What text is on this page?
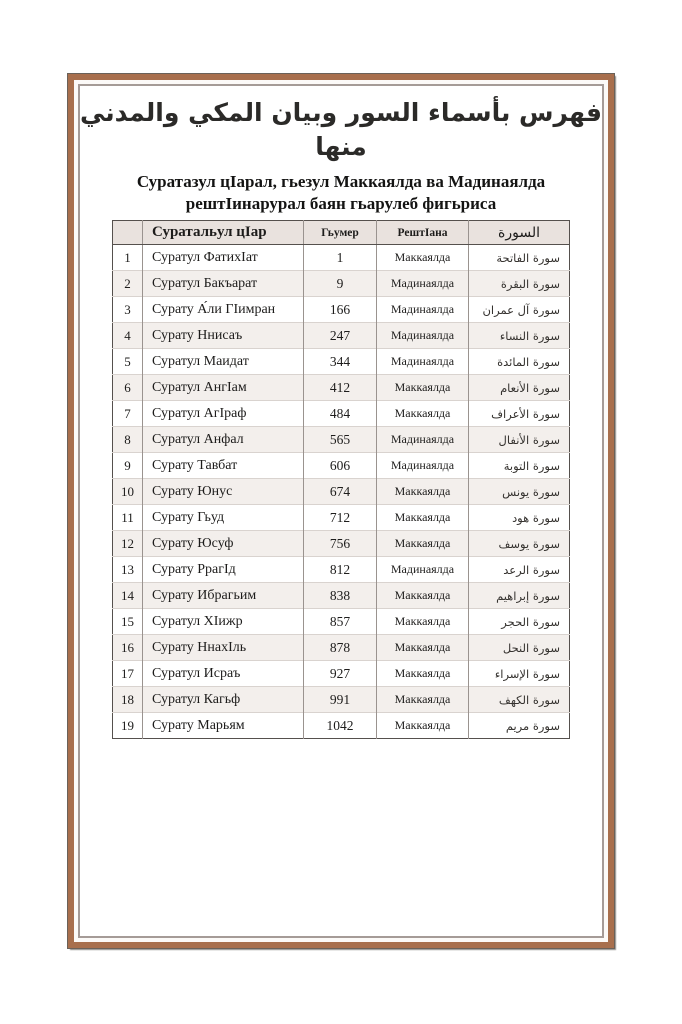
فهرس بأسماء السور وبيان المكي والمدني منها
Суратазул цIарал, гьезул Маккаялда ва Мадинаялда
рештIинарурал баян гьарулеб фигьриса
	Суратальул цIар	Гьумер	РештIана	السورة
1	Суратул ФатихIат	1	Маккаялда	سورة الفاتحة
2	Суратул Бакъарат	9	Мадинаялда	سورة البقرة
3	Сурату А́ли ГIимран	166	Мадинаялда	سورة آل عمران
4	Сурату Ннисаъ	247	Мадинаялда	سورة النساء
5	Суратул Маидат	344	Мадинаялда	سورة المائدة
6	Суратул АнгIам	412	Маккаялда	سورة الأنعام
7	Суратул АгIраф	484	Маккаялда	سورة الأعراف
8	Суратул Анфал	565	Мадинаялда	سورة الأنفال
9	Сурату Тавбат	606	Мадинаялда	سورة التوبة
10	Сурату Юнус	674	Маккаялда	سورة يونس
11	Сурату Гьуд	712	Маккаялда	سورة هود
12	Сурату Юсуф	756	Маккаялда	سورة يوسف
13	Сурату РрагIд	812	Мадинаялда	سورة الرعد
14	Сурату Ибрагьим	838	Маккаялда	سورة إبراهيم
15	Суратул ХIижр	857	Маккаялда	سورة الحجر
16	Сурату НнахIль	878	Маккаялда	سورة النحل
17	Суратул Исраъ	927	Маккаялда	سورة الإسراء
18	Суратул Кагьф	991	Маккаялда	سورة الكهف
19	Сурату Марьям	1042	Маккаялда	سورة مريم
